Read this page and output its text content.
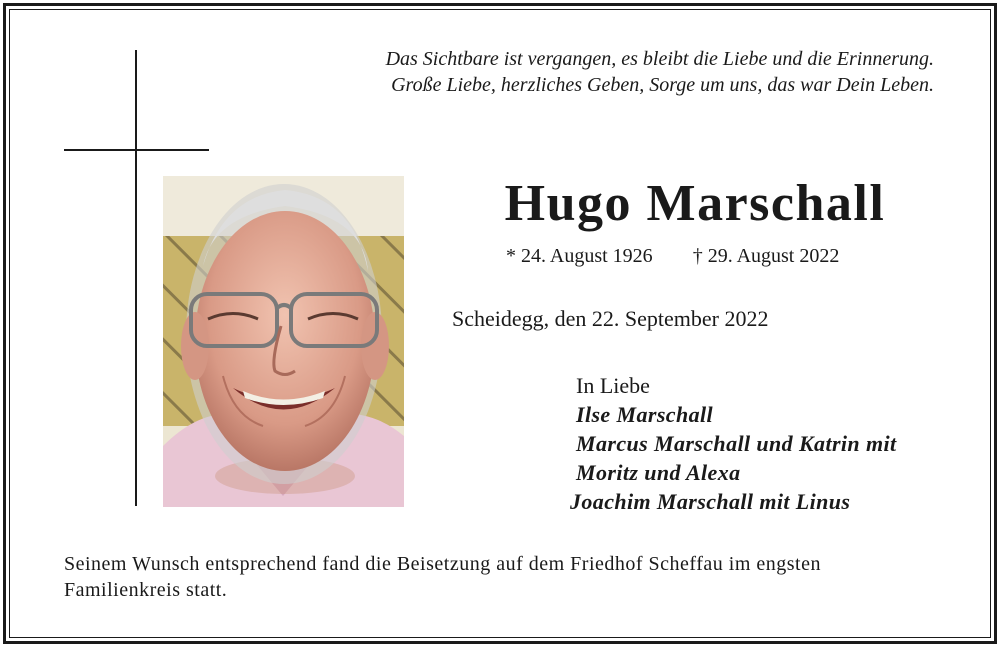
Das Sichtbare ist vergangen, es bleibt die Liebe und die Erinnerung.
Große Liebe, herzliches Geben, Sorge um uns, das war Dein Leben.
Hugo Marschall
* 24. August 1926 † 29. August 2022
Scheidegg, den 22. September 2022
In Liebe
Ilse Marschall
Marcus Marschall und Katrin mit
Moritz und Alexa
Joachim Marschall mit Linus
Seinem Wunsch entsprechend fand die Beisetzung auf dem Friedhof Scheffau im engsten
Familienkreis statt.
